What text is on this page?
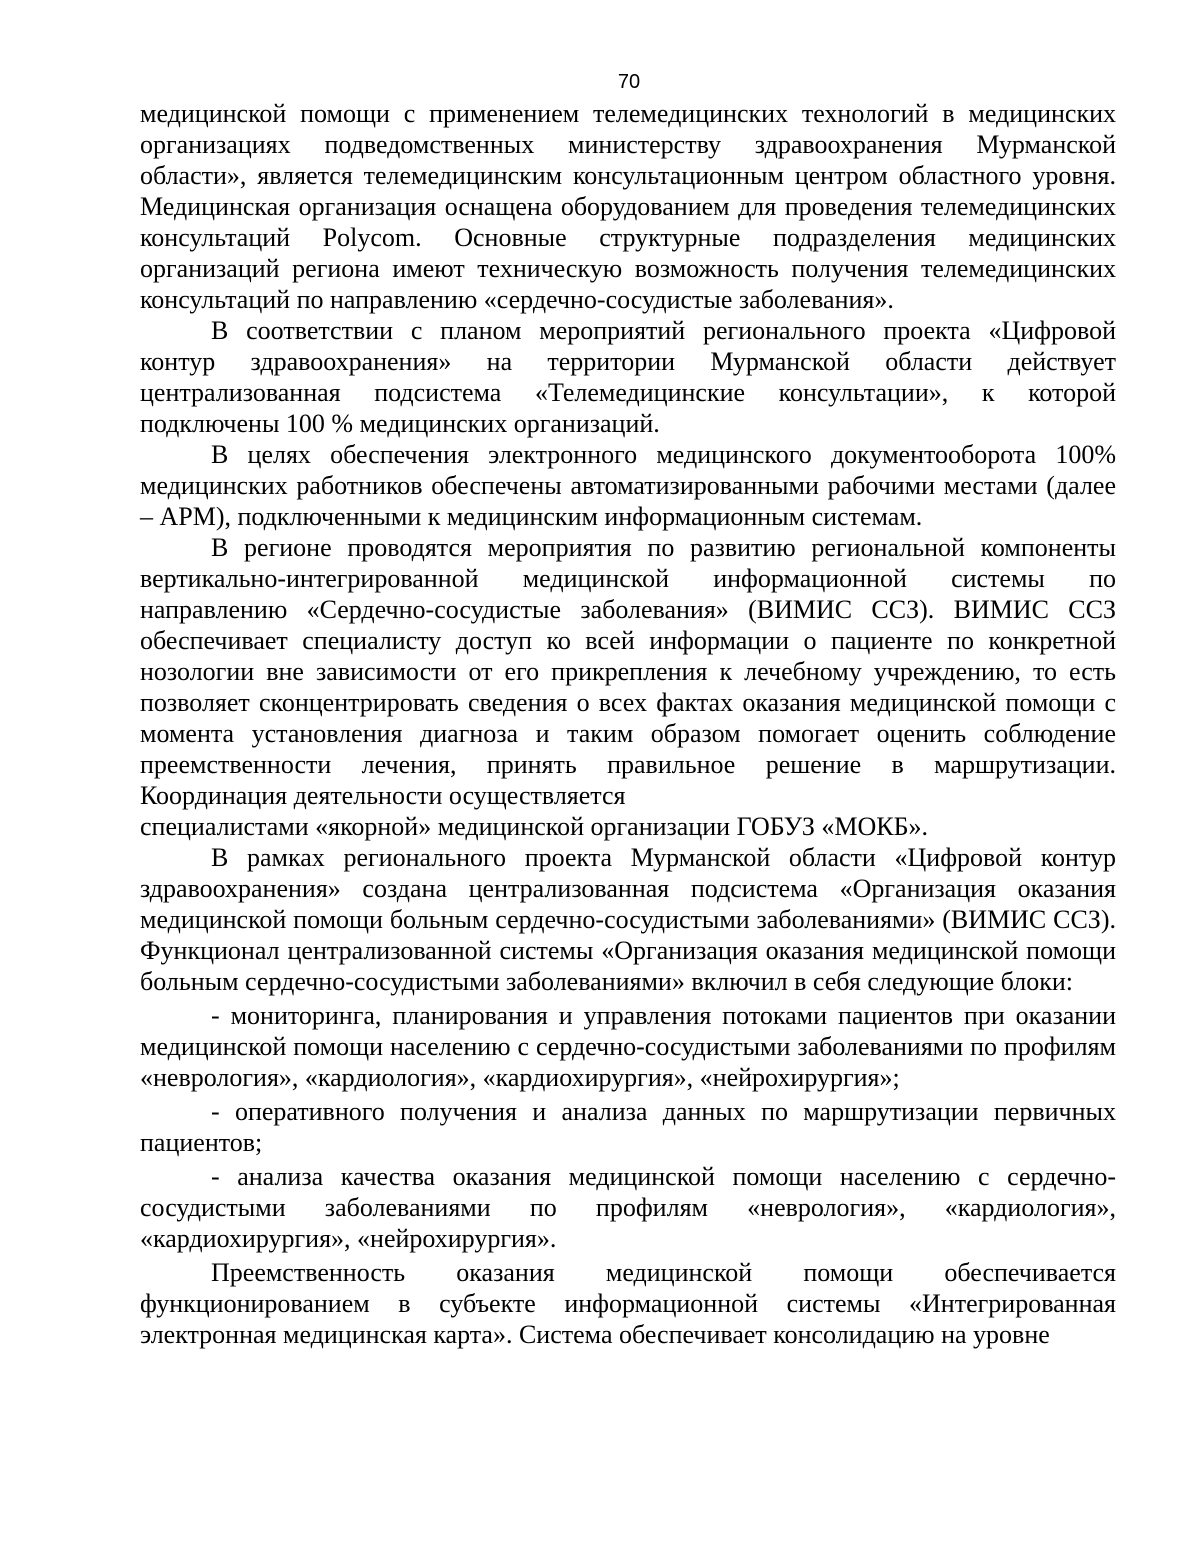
70

медицинской помощи с применением телемедицинских технологий в медицинских организациях подведомственных министерству здравоохранения Мурманской области», является телемедицинским консультационным центром областного уровня. Медицинская организация оснащена оборудованием для проведения телемедицинских консультаций Polycom. Основные структурные подразделения медицинских организаций региона имеют техническую возможность получения телемедицинских консультаций по направлению «сердечно-сосудистые заболевания».

В соответствии с планом мероприятий регионального проекта «Цифровой контур здравоохранения» на территории Мурманской области действует централизованная подсистема «Телемедицинские консультации», к которой подключены 100 % медицинских организаций.

В целях обеспечения электронного медицинского документооборота 100% медицинских работников обеспечены автоматизированными рабочими местами (далее – АРМ), подключенными к медицинским информационным системам.

В регионе проводятся мероприятия по развитию региональной компоненты вертикально-интегрированной медицинской информационной системы по направлению «Сердечно-сосудистые заболевания» (ВИМИС ССЗ). ВИМИС ССЗ обеспечивает специалисту доступ ко всей информации о пациенте по конкретной нозологии вне зависимости от его прикрепления к лечебному учреждению, то есть позволяет сконцентрировать сведения о всех фактах оказания медицинской помощи с момента установления диагноза и таким образом помогает оценить соблюдение преемственности лечения, принять правильное решение в маршрутизации. Координация деятельности осуществляется

специалистами «якорной» медицинской организации ГОБУЗ «МОКБ».

В рамках регионального проекта Мурманской области «Цифровой контур здравоохранения» создана централизованная подсистема «Организация оказания медицинской помощи больным сердечно-сосудистыми заболеваниями» (ВИМИС ССЗ). Функционал централизованной системы «Организация оказания медицинской помощи больным сердечно-сосудистыми заболеваниями» включил в себя следующие блоки:

- мониторинга, планирования и управления потоками пациентов при оказании медицинской помощи населению с сердечно-сосудистыми заболеваниями по профилям «неврология», «кардиология», «кардиохирургия», «нейрохирургия»;

- оперативного получения и анализа данных по маршрутизации первичных пациентов;

- анализа качества оказания медицинской помощи населению с сердечно-сосудистыми заболеваниями по профилям «неврология», «кардиология», «кардиохирургия», «нейрохирургия».

Преемственность оказания медицинской помощи обеспечивается функционированием в субъекте информационной системы «Интегрированная электронная медицинская карта». Система обеспечивает консолидацию на уровне
